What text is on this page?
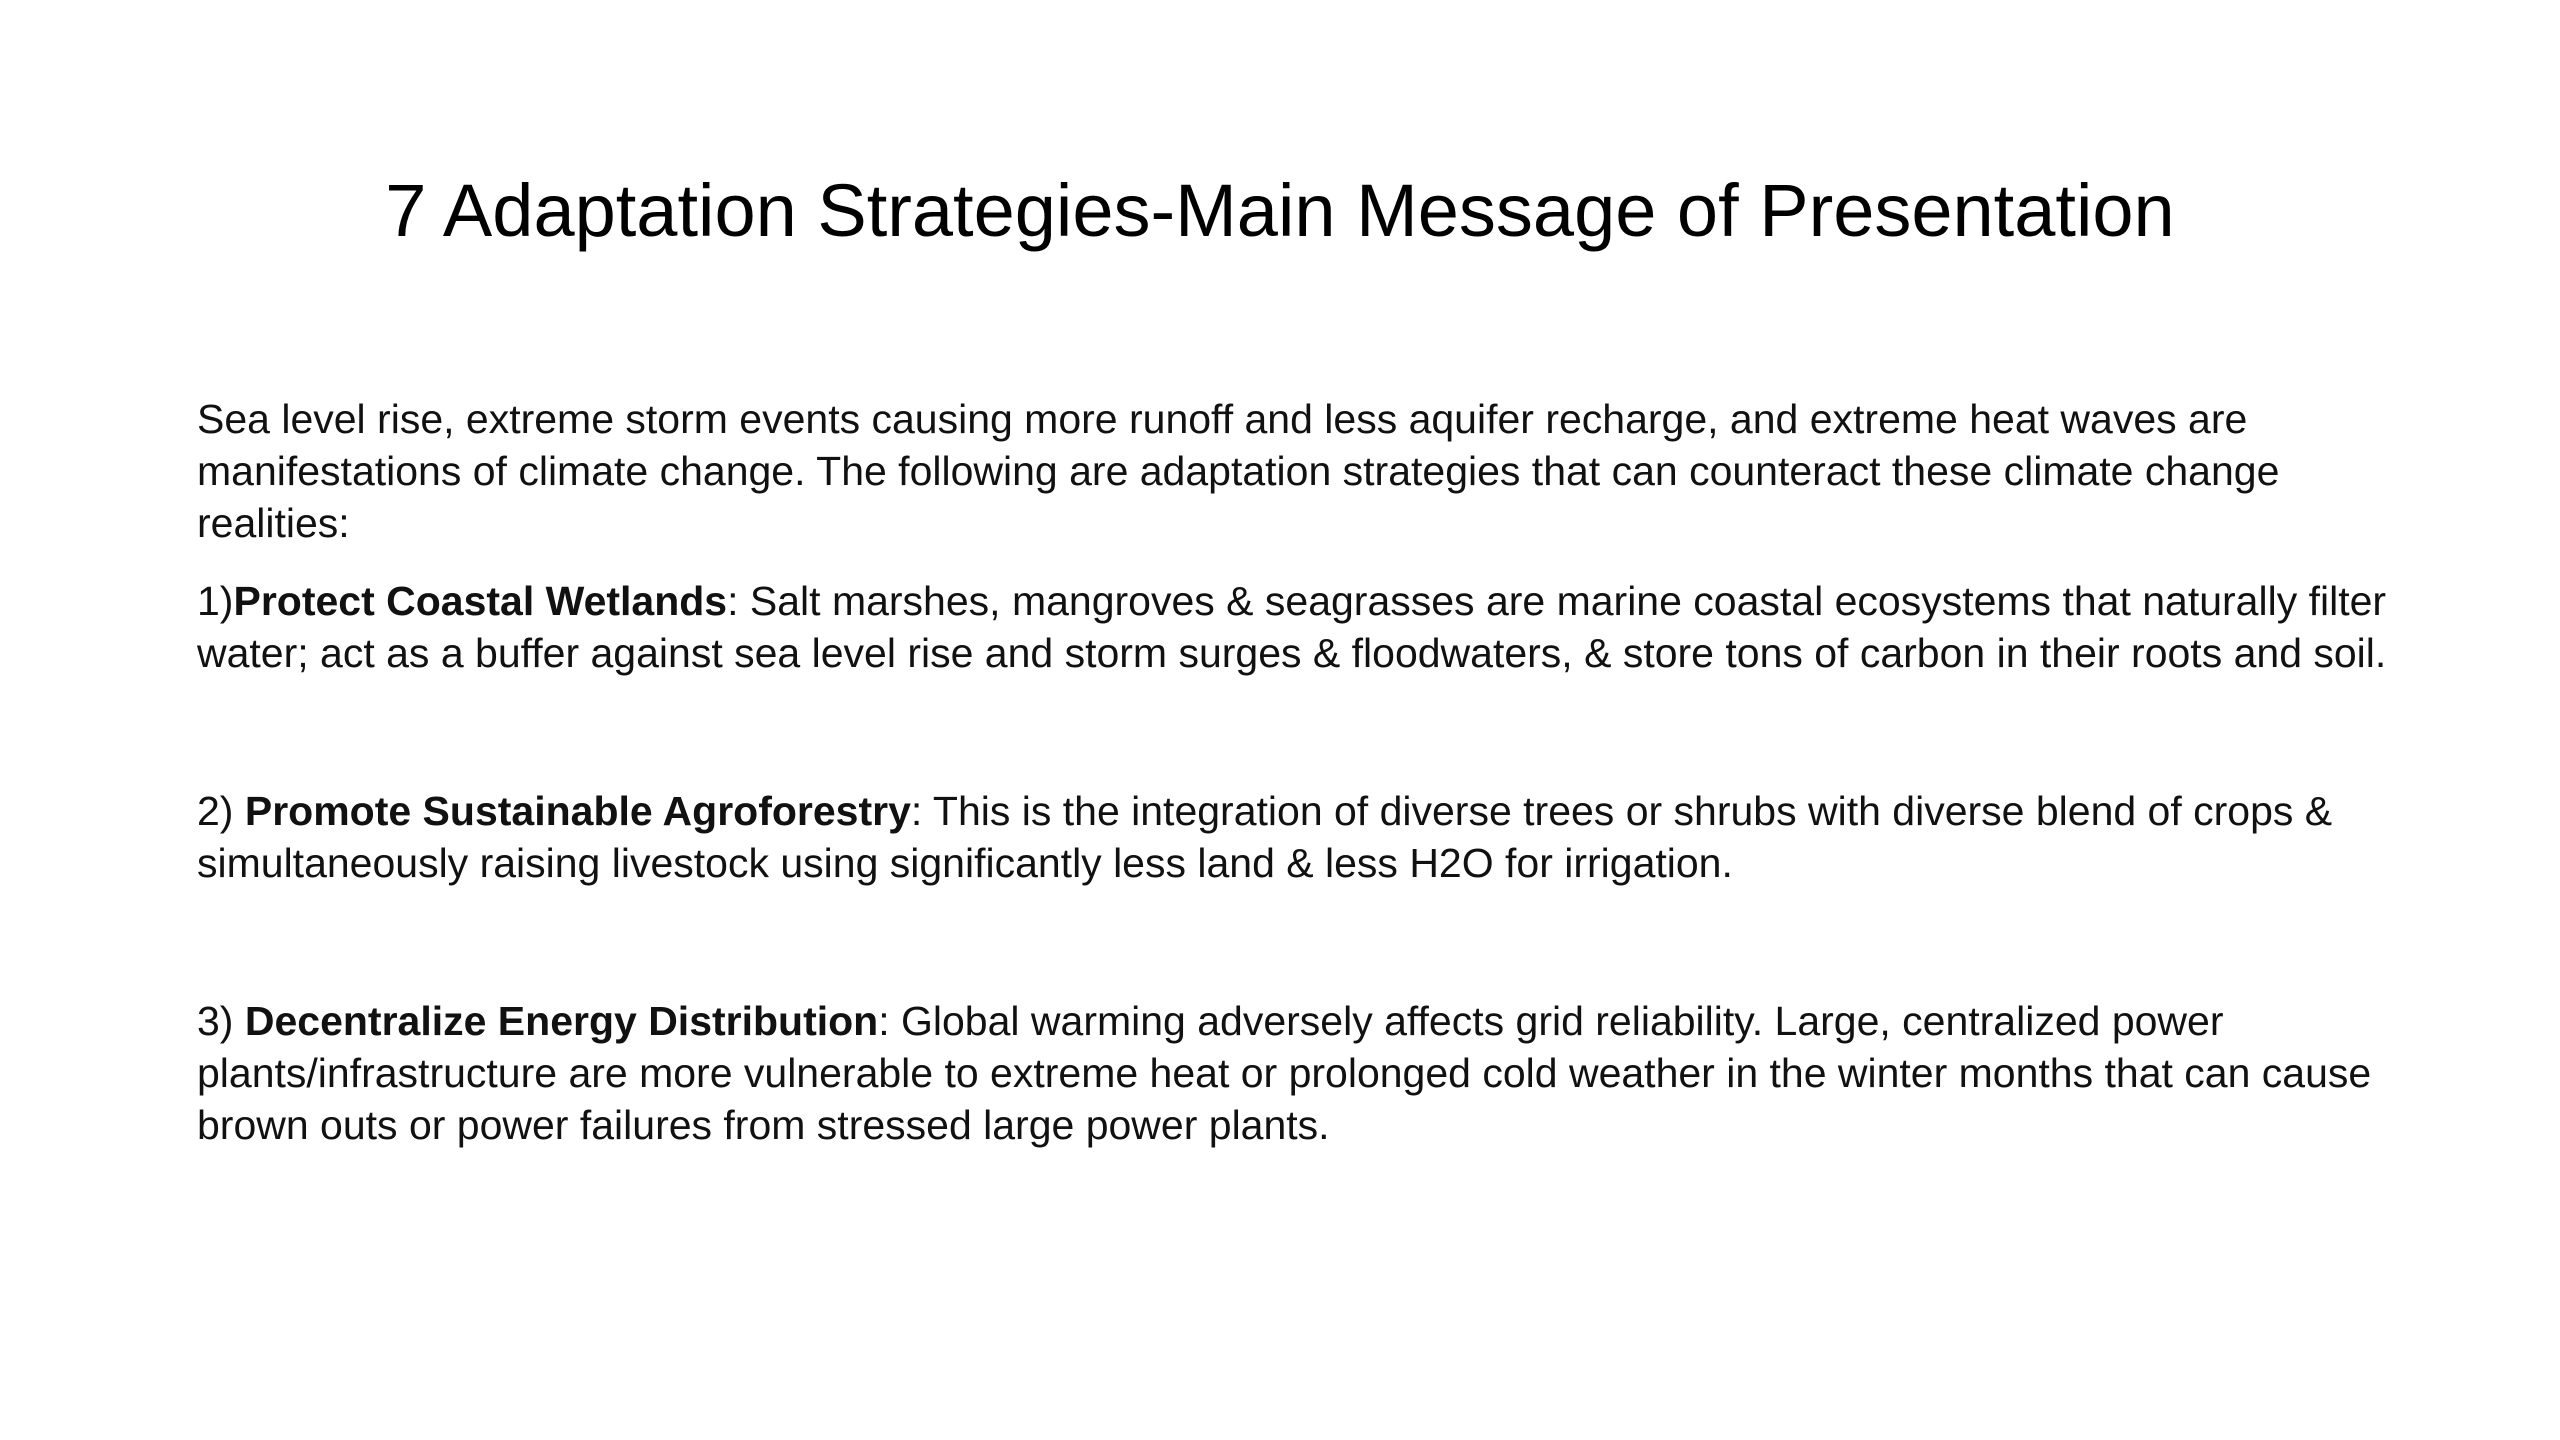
7 Adaptation Strategies-Main Message of Presentation

Sea level rise, extreme storm events causing more runoff and less aquifer recharge, and extreme heat waves are manifestations of climate change. The following are adaptation strategies that can counteract these climate change realities:

1)Protect Coastal Wetlands: Salt marshes, mangroves & seagrasses are marine coastal ecosystems that naturally filter water; act as a buffer against sea level rise and storm surges & floodwaters, & store tons of carbon in their roots and soil.

2) Promote Sustainable Agroforestry: This is the integration of diverse trees or shrubs with diverse blend of crops & simultaneously raising livestock using significantly less land & less H2O for irrigation.

3) Decentralize Energy Distribution: Global warming adversely affects grid reliability. Large, centralized power plants/infrastructure are more vulnerable to extreme heat or prolonged cold weather in the winter months that can cause brown outs or power failures from stressed large power plants.
